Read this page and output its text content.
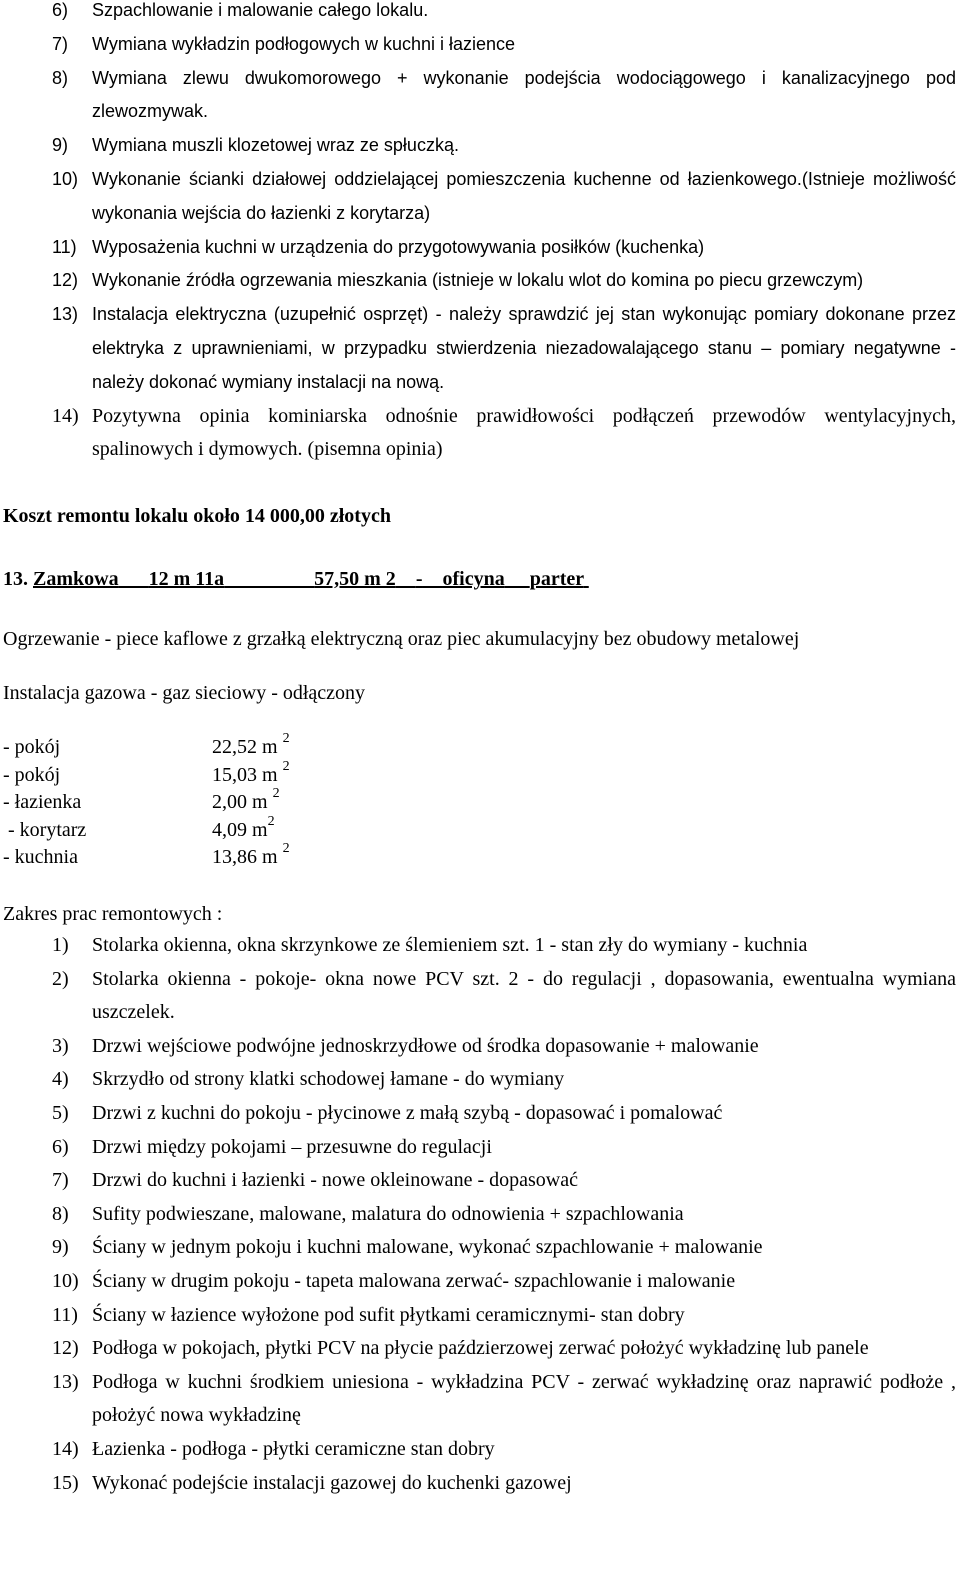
6) Szpachlowanie i malowanie całego lokalu.
7) Wymiana wykładzin podłogowych w kuchni i łazience
8) Wymiana zlewu dwukomorowego + wykonanie podejścia wodociągowego i kanalizacyjnego pod zlewozmywak.
9) Wymiana muszli klozetowej wraz ze spłuczką.
10) Wykonanie ścianki działowej oddzielającej pomieszczenia kuchenne od łazienkowego.(Istnieje możliwość wykonania wejścia do łazienki z korytarza)
11) Wyposażenia kuchni w urządzenia do przygotowywania posiłków (kuchenka)
12) Wykonanie źródła ogrzewania mieszkania (istnieje w lokalu wlot do komina po piecu grzewczym)
13) Instalacja elektryczna (uzupełnić osprzęt) - należy sprawdzić jej stan wykonując pomiary dokonane przez elektryka z uprawnieniami, w przypadku stwierdzenia niezadowalającego stanu – pomiary negatywne - należy dokonać wymiany instalacji na nową.
14) Pozytywna opinia kominiarska odnośnie prawidłowości podłączeń przewodów wentylacyjnych, spalinowych i dymowych. (pisemna opinia)
Koszt remontu lokalu około 14 000,00 złotych
13. Zamkowa 12 m 11a	57,50 m 2 - oficyna parter
Ogrzewanie - piece kaflowe z grzałką elektryczną oraz piec akumulacyjny bez obudowy metalowej
Instalacja gazowa - gaz sieciowy - odłączony
- pokój	22,52 m $^2$
- pokój	15,03 m $^2$
- łazienka	2,00 m $^2$
- korytarz	4,09 $m^2$
- kuchnia	13,86 m $^2$
Zakres prac remontowych :
1) Stolarka okienna, okna skrzynkowe ze ślemieniem szt. 1 - stan zły do wymiany - kuchnia
2) Stolarka okienna - pokoje- okna nowe PCV szt. 2 - do regulacji , dopasowania, ewentualna wymiana uszczelek.
3) Drzwi wejściowe podwójne jednoskrzydłowe od środka dopasowanie + malowanie
4) Skrzydło od strony klatki schodowej łamane - do wymiany
5) Drzwi z kuchni do pokoju - płycinowe z małą szybą - dopasować i pomalować
6) Drzwi między pokojami – przesuwne do regulacji
7) Drzwi do kuchni i łazienki - nowe okleinowane - dopasować
8) Sufity podwieszane, malowane, malatura do odnowienia + szpachlowania
9) Ściany w jednym pokoju i kuchni malowane, wykonać szpachlowanie + malowanie
10) Ściany w drugim pokoju - tapeta malowana zerwać- szpachlowanie i malowanie
11) Ściany w łazience wyłożone pod sufit płytkami ceramicznymi- stan dobry
12) Podłoga w pokojach, płytki PCV na płycie paździerzowej zerwać położyć wykładzinę lub panele
13) Podłoga w kuchni środkiem uniesiona - wykładzina PCV - zerwać wykładzinę oraz naprawić podłoże , położyć nowa wykładzinę
14) Łazienka - podłoga - płytki ceramiczne stan dobry
15) Wykonać podejście instalacji gazowej do kuchenki gazowej
